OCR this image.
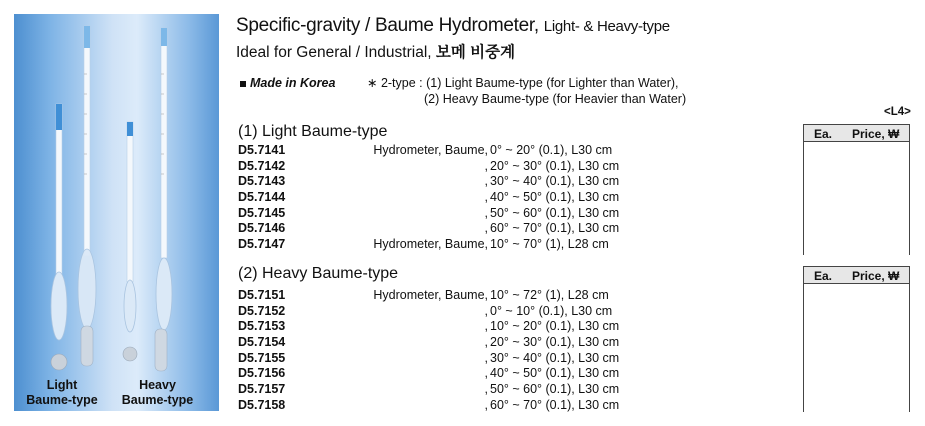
Light
Baume-type
Heavy
Baume-type
Specific-gravity / Baume Hydrometer, Light- & Heavy-type
Ideal for General / Industrial, 보메 비중계
Made in Korea	∗ 2-type : (1) Light Baume-type (for Lighter than Water),
(2) Heavy Baume-type (for Heavier than Water)
<L4>
(1) Light Baume-type	Ea. Price, ₩
D5.7141	Hydrometer, Baume, 0° ~ 20° (0.1), L30 cm
D5.7142	, 20° ~ 30° (0.1), L30 cm
D5.7143	, 30° ~ 40° (0.1), L30 cm
D5.7144	, 40° ~ 50° (0.1), L30 cm
D5.7145	, 50° ~ 60° (0.1), L30 cm
D5.7146	, 60° ~ 70° (0.1), L30 cm
D5.7147	Hydrometer, Baume, 10° ~ 70° (1), L28 cm
(2) Heavy Baume-type	Ea. Price, ₩
D5.7151	Hydrometer, Baume, 10° ~ 72° (1), L28 cm
D5.7152	, 0° ~ 10° (0.1), L30 cm
D5.7153	, 10° ~ 20° (0.1), L30 cm
D5.7154	, 20° ~ 30° (0.1), L30 cm
D5.7155	, 30° ~ 40° (0.1), L30 cm
D5.7156	, 40° ~ 50° (0.1), L30 cm
D5.7157	, 50° ~ 60° (0.1), L30 cm
D5.7158	, 60° ~ 70° (0.1), L30 cm
